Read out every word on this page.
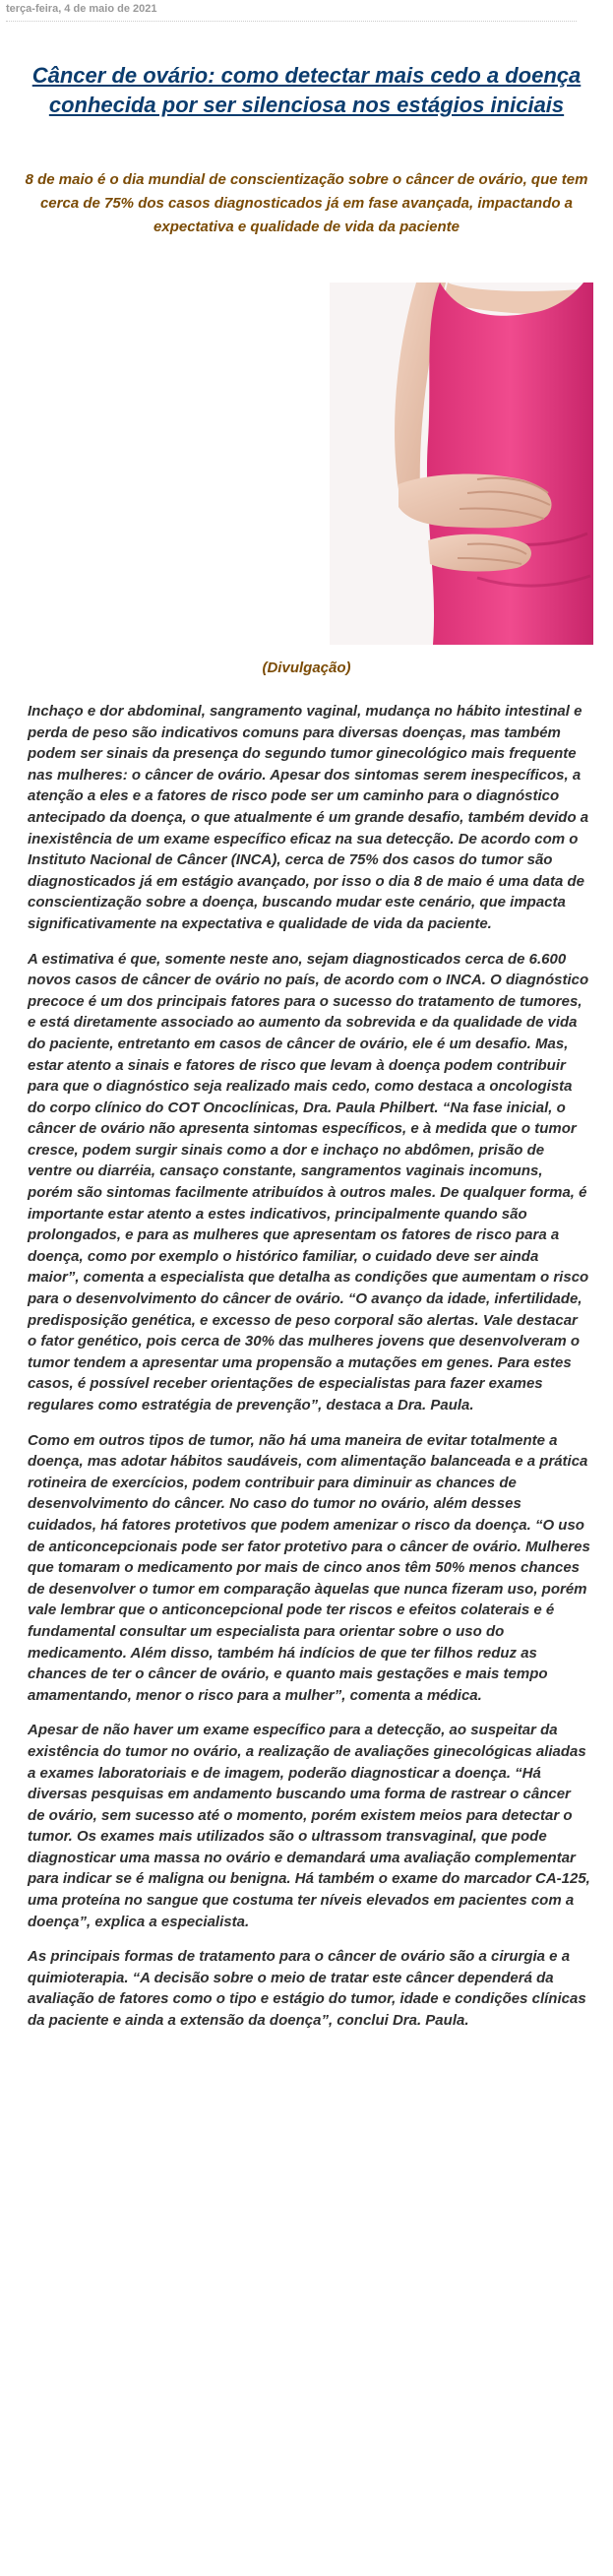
terça-feira, 4 de maio de 2021
Câncer de ovário: como detectar mais cedo a doença conhecida por ser silenciosa nos estágios iniciais

8 de maio é o dia mundial de conscientização sobre o câncer de ovário, que tem cerca de 75% dos casos diagnosticados já em fase avançada, impactando a expectativa e qualidade de vida da paciente

(Divulgação)

Inchaço e dor abdominal, sangramento vaginal, mudança no hábito intestinal e perda de peso são indicativos comuns para diversas doenças, mas também podem ser sinais da presença do segundo tumor ginecológico mais frequente nas mulheres: o câncer de ovário. Apesar dos sintomas serem inespecíficos, a atenção a eles e a fatores de risco pode ser um caminho para o diagnóstico antecipado da doença, o que atualmente é um grande desafio, também devido a inexistência de um exame específico eficaz na sua detecção. De acordo com o Instituto Nacional de Câncer (INCA), cerca de 75% dos casos do tumor são diagnosticados já em estágio avançado, por isso o dia 8 de maio é uma data de conscientização sobre a doença, buscando mudar este cenário, que impacta significativamente na expectativa e qualidade de vida da paciente.

A estimativa é que, somente neste ano, sejam diagnosticados cerca de 6.600 novos casos de câncer de ovário no país, de acordo com o INCA. O diagnóstico precoce é um dos principais fatores para o sucesso do tratamento de tumores, e está diretamente associado ao aumento da sobrevida e da qualidade de vida do paciente, entretanto em casos de câncer de ovário, ele é um desafio. Mas, estar atento a sinais e fatores de risco que levam à doença podem contribuir para que o diagnóstico seja realizado mais cedo, como destaca a oncologista do corpo clínico do COT Oncoclínicas, Dra. Paula Philbert. “Na fase inicial, o câncer de ovário não apresenta sintomas específicos, e à medida que o tumor cresce, podem surgir sinais como a dor e inchaço no abdômen, prisão de ventre ou diarréia, cansaço constante, sangramentos vaginais incomuns, porém são sintomas facilmente atribuídos à outros males. De qualquer forma, é importante estar atento a estes indicativos, principalmente quando são prolongados, e para as mulheres que apresentam os fatores de risco para a doença, como por exemplo o histórico familiar, o cuidado deve ser ainda maior”, comenta a especialista que detalha as condições que aumentam o risco para o desenvolvimento do câncer de ovário. “O avanço da idade, infertilidade, predisposição genética, e excesso de peso corporal são alertas. Vale destacar o fator genético, pois cerca de 30% das mulheres jovens que desenvolveram o tumor tendem a apresentar uma propensão a mutações em genes. Para estes casos, é possível receber orientações de especialistas para fazer exames regulares como estratégia de prevenção”, destaca a Dra. Paula.

Como em outros tipos de tumor, não há uma maneira de evitar totalmente a doença, mas adotar hábitos saudáveis, com alimentação balanceada e a prática rotineira de exercícios, podem contribuir para diminuir as chances de desenvolvimento do câncer. No caso do tumor no ovário, além desses cuidados, há fatores protetivos que podem amenizar o risco da doença. “O uso de anticoncepcionais pode ser fator protetivo para o câncer de ovário. Mulheres que tomaram o medicamento por mais de cinco anos têm 50% menos chances de desenvolver o tumor em comparação àquelas que nunca fizeram uso, porém vale lembrar que o anticoncepcional pode ter riscos e efeitos colaterais e é fundamental consultar um especialista para orientar sobre o uso do medicamento. Além disso, também há indícios de que ter filhos reduz as chances de ter o câncer de ovário, e quanto mais gestações e mais tempo amamentando, menor o risco para a mulher”, comenta a médica.

Apesar de não haver um exame específico para a detecção, ao suspeitar da existência do tumor no ovário, a realização de avaliações ginecológicas aliadas a exames laboratoriais e de imagem, poderão diagnosticar a doença. “Há diversas pesquisas em andamento buscando uma forma de rastrear o câncer de ovário, sem sucesso até o momento, porém existem meios para detectar o tumor. Os exames mais utilizados são o ultrassom transvaginal, que pode diagnosticar uma massa no ovário e demandará uma avaliação complementar para indicar se é maligna ou benigna. Há também o exame do marcador CA-125, uma proteína no sangue que costuma ter níveis elevados em pacientes com a doença”, explica a especialista.

As principais formas de tratamento para o câncer de ovário são a cirurgia e a quimioterapia. “A decisão sobre o meio de tratar este câncer dependerá da avaliação de fatores como o tipo e estágio do tumor, idade e condições clínicas da paciente e ainda a extensão da doença”, conclui Dra. Paula.
